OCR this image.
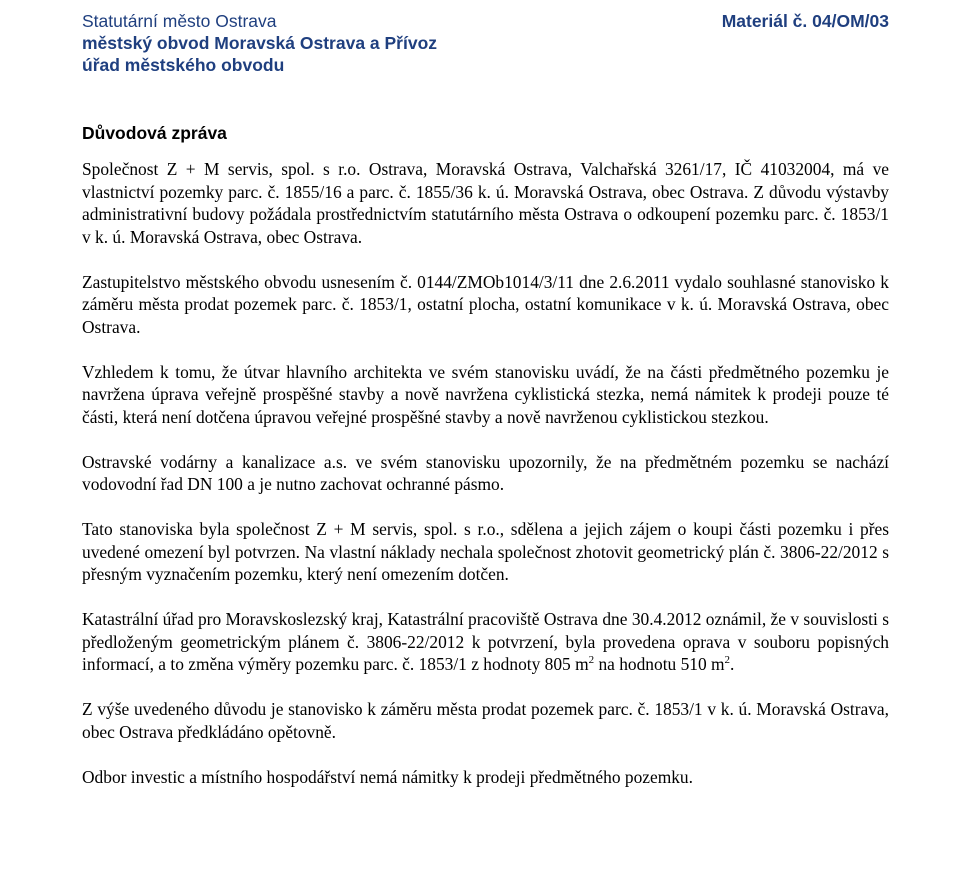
Statutární město Ostrava
městský obvod Moravská Ostrava a Přívoz
úřad městského obvodu
Materiál č. 04/OM/03
Důvodová zpráva

Společnost Z + M servis, spol. s r.o. Ostrava, Moravská Ostrava, Valchařská 3261/17, IČ 41032004, má ve vlastnictví pozemky parc. č. 1855/16 a parc. č. 1855/36 k. ú. Moravská Ostrava, obec Ostrava. Z důvodu výstavby administrativní budovy požádala prostřednictvím statutárního města Ostrava o odkoupení pozemku parc. č. 1853/1 v k. ú. Moravská Ostrava, obec Ostrava.

Zastupitelstvo městského obvodu usnesením č. 0144/ZMOb1014/3/11 dne 2.6.2011 vydalo souhlasné stanovisko k záměru města prodat pozemek parc. č. 1853/1, ostatní plocha, ostatní komunikace v k. ú. Moravská Ostrava, obec Ostrava.

Vzhledem k tomu, že útvar hlavního architekta ve svém stanovisku uvádí, že na části předmětného pozemku je navržena úprava veřejně prospěšné stavby a nově navržena cyklistická stezka, nemá námitek k prodeji pouze té části, která není dotčena úpravou veřejné prospěšné stavby a nově navrženou cyklistickou stezkou.

Ostravské vodárny a kanalizace a.s. ve svém stanovisku upozornily, že na předmětném pozemku se nachází vodovodní řad DN 100 a je nutno zachovat ochranné pásmo.

Tato stanoviska byla společnost Z + M servis, spol. s r.o., sdělena a jejich zájem o koupi části pozemku i přes uvedené omezení byl potvrzen. Na vlastní náklady nechala společnost zhotovit geometrický plán č. 3806-22/2012 s přesným vyznačením pozemku, který není omezením dotčen.

Katastrální úřad pro Moravskoslezský kraj, Katastrální pracoviště Ostrava dne 30.4.2012 oznámil, že v souvislosti s předloženým geometrickým plánem č. 3806-22/2012 k potvrzení, byla provedena oprava v souboru popisných informací, a to změna výměry pozemku parc. č. 1853/1 z hodnoty 805 $m^2$ na hodnotu 510 $m^2$.

Z výše uvedeného důvodu je stanovisko k záměru města prodat pozemek parc. č. 1853/1 v k. ú. Moravská Ostrava, obec Ostrava předkládáno opětovně.

Odbor investic a místního hospodářství nemá námitky k prodeji předmětného pozemku.
